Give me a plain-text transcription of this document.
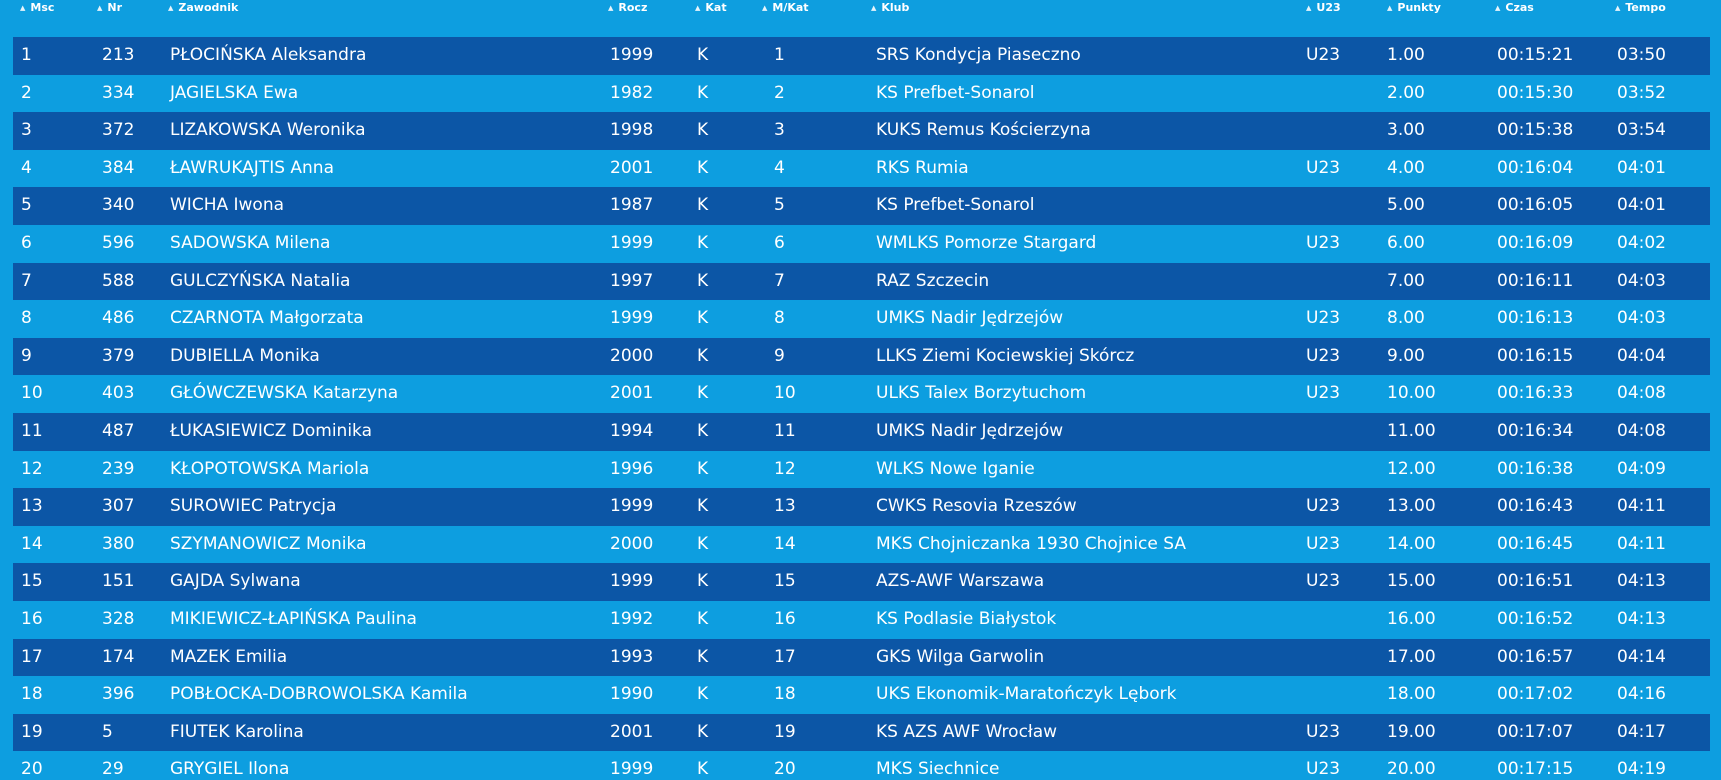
▲ Msc	▲ Nr	▲ Zawodnik	▲ Rocz	▲ Kat	▲ M/Kat	▲ Klub	▲ U23	▲ Punkty	▲ Czas	▲ Tempo
1	213 PŁOCIŃSKA Aleksandra	1999	K	1	SRS Kondycja Piaseczno	U23	1.00	00:15:21	03:50
2	334 JAGIELSKA Ewa	1982	K	2	KS Prefbet-Sonarol	2.00	00:15:30	03:52
3	372 LIZAKOWSKA Weronika	1998	K	3	KUKS Remus Kościerzyna	3.00	00:15:38	03:54
4	384 ŁAWRUKAJTIS Anna	2001	K	4	RKS Rumia	U23	4.00	00:16:04	04:01
5	340 WICHA Iwona	1987	K	5	KS Prefbet-Sonarol	5.00	00:16:05	04:01
6	596 SADOWSKA Milena	1999	K	6	WMLKS Pomorze Stargard	U23	6.00	00:16:09	04:02
7	588 GULCZYŃSKA Natalia	1997	K	7	RAZ Szczecin	7.00	00:16:11	04:03
8	486 CZARNOTA Małgorzata	1999	K	8	UMKS Nadir Jędrzejów	U23	8.00	00:16:13	04:03
9	379 DUBIELLA Monika	2000	K	9	LLKS Ziemi Kociewskiej Skórcz	U23	9.00	00:16:15	04:04
10	403 GŁÓWCZEWSKA Katarzyna	2001	K	10	ULKS Talex Borzytuchom	U23	10.00	00:16:33	04:08
11	487 ŁUKASIEWICZ Dominika	1994	K	11	UMKS Nadir Jędrzejów	11.00	00:16:34	04:08
12	239 KŁOPOTOWSKA Mariola	1996	K	12	WLKS Nowe Iganie	12.00	00:16:38	04:09
13	307 SUROWIEC Patrycja	1999	K	13	CWKS Resovia Rzeszów	U23	13.00	00:16:43	04:11
14	380 SZYMANOWICZ Monika	2000	K	14	MKS Chojniczanka 1930 Chojnice SA	U23	14.00	00:16:45	04:11
15	151 GAJDA Sylwana	1999	K	15	AZS-AWF Warszawa	U23	15.00	00:16:51	04:13
16	328 MIKIEWICZ-ŁAPIŃSKA Paulina	1992	K	16	KS Podlasie Białystok	16.00	00:16:52	04:13
17	174 MAZEK Emilia	1993	K	17	GKS Wilga Garwolin	17.00	00:16:57	04:14
18	396 POBŁOCKA-DOBROWOLSKA Kamila	1990	K	18	UKS Ekonomik-Maratończyk Lębork	18.00	00:17:02	04:16
19	5	FIUTEK Karolina	2001	K	19	KS AZS AWF Wrocław	U23	19.00	00:17:07	04:17
20	29	GRYGIEL Ilona	1999	K	20	MKS Siechnice	U23	20.00	00:17:15	04:19
